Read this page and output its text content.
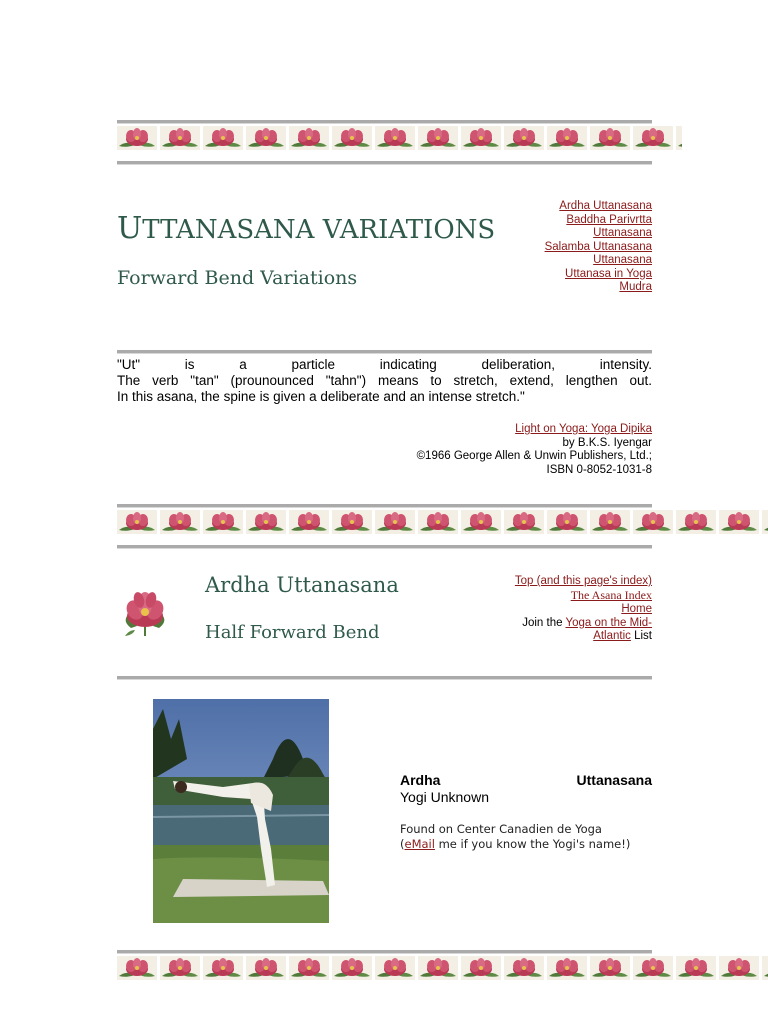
UTTANASANA VARIATIONS
Forward Bend Variations
Ardha Uttanasana
Baddha Parivrtta
Uttanasana
Salamba Uttanasana
Uttanasana
Uttanasa in Yoga
Mudra

"Ut" is a particle indicating deliberation, intensity.

The verb "tan" (prounounced "tahn") means to stretch, extend, lengthen out.

In this asana, the spine is given a deliberate and an intense stretch."

Light on Yoga: Yoga Dipika
by B.K.S. Iyengar
©1966 George Allen & Unwin Publishers, Ltd.;
ISBN 0-8052-1031-8
Ardha Uttanasana
Half Forward Bend
Top (and this page's index)
The Asana Index
Home
Join the Yoga on the Mid-
Atlantic List
Ardha	Uttanasana
Yogi Unknown
Found on Center Canadien de Yoga
(eMail me if you know the Yogi's name!)
